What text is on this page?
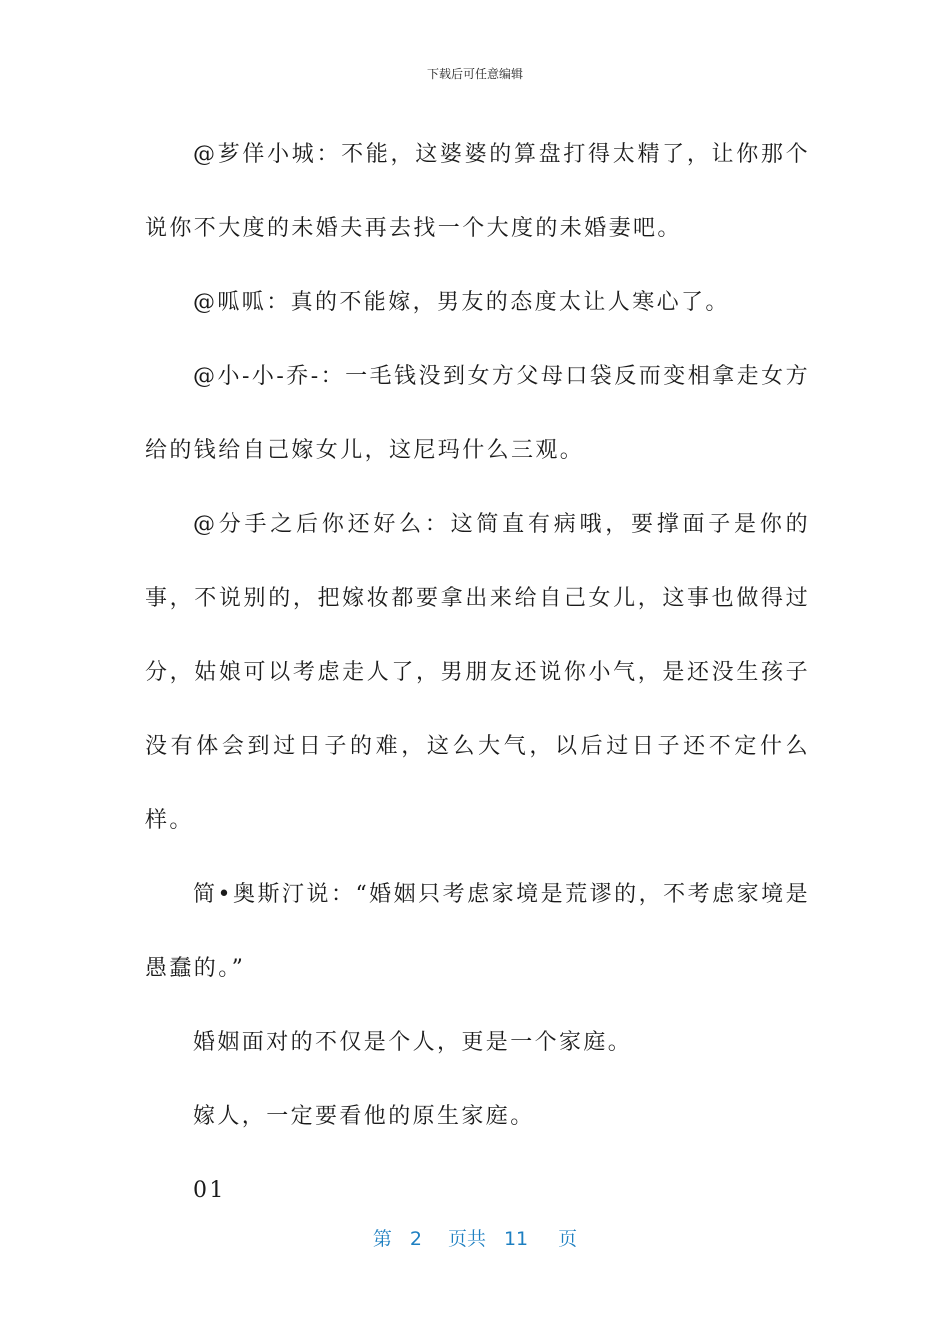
下载后可任意编辑

@芗佯小城：不能，这婆婆的算盘打得太精了，让你那个说你不大度的未婚夫再去找一个大度的未婚妻吧。

@呱呱：真的不能嫁，男友的态度太让人寒心了。

@小-小-乔-：一毛钱没到女方父母口袋反而变相拿走女方给的钱给自己嫁女儿，这尼玛什么三观。

@分手之后你还好么：这简直有病哦，要撑面子是你的事，不说别的，把嫁妆都要拿出来给自己女儿，这事也做得过分，姑娘可以考虑走人了，男朋友还说你小气，是还没生孩子没有体会到过日子的难，这么大气，以后过日子还不定什么样。

简•奥斯汀说：“婚姻只考虑家境是荒谬的，不考虑家境是愚蠢的。”

婚姻面对的不仅是个人，更是一个家庭。

嫁人，一定要看他的原生家庭。

01

第 2 页共 11 页
